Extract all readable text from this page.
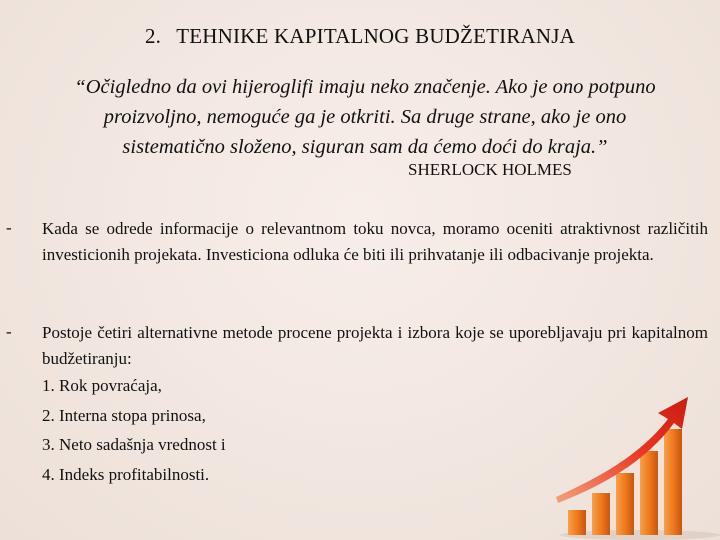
2. TEHNIKE KAPITALNOG BUDŽETIRANJA
“Očigledno da ovi hijeroglifi imaju neko značenje. Ako je ono potpuno
proizvoljno, nemoguće ga je otkriti. Sa druge strane, ako je ono
sistematično složeno, siguran sam da ćemo doći do kraja.”
SHERLOCK HOLMES
- Kada se odrede informacije o relevantnom toku novca, moramo oceniti atraktivnost različitih investicionih projekata. Investiciona odluka će biti ili prihvatanje ili odbacivanje projekta.
- Postoje četiri alternativne metode procene projekta i izbora koje se uporebljavaju pri kapitalnom budžetiranju:
1. Rok povraćaja,
2. Interna stopa prinosa,
3. Neto sadašnja vrednost i
4. Indeks profitabilnosti.
